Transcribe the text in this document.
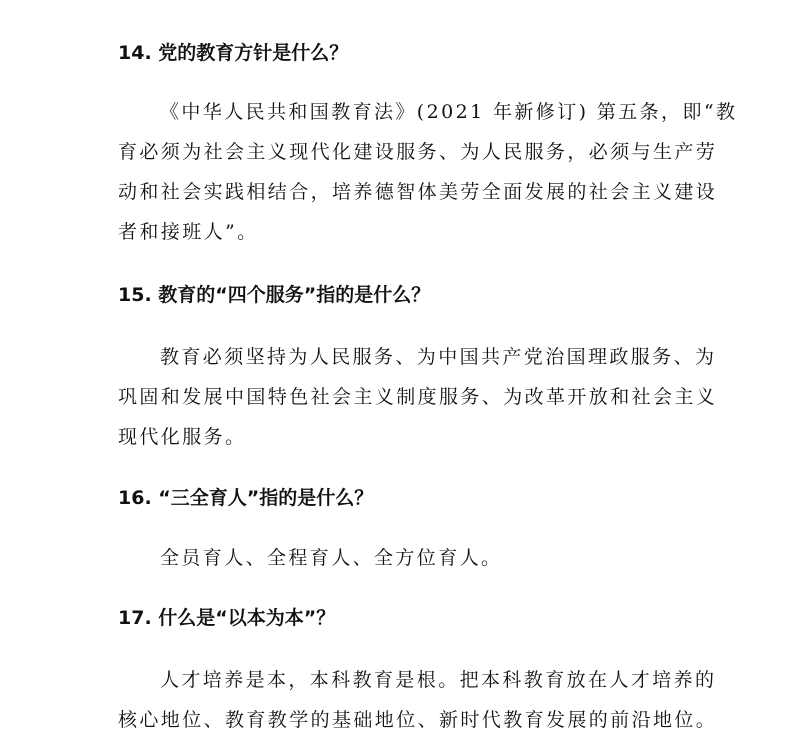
14. 党的教育方针是什么？
《中华人民共和国教育法》(2021 年新修订) 第五条，即“教
育必须为社会主义现代化建设服务、为人民服务，必须与生产劳
动和社会实践相结合，培养德智体美劳全面发展的社会主义建设
者和接班人”。
15. 教育的“四个服务”指的是什么？
教育必须坚持为人民服务、为中国共产党治国理政服务、为
巩固和发展中国特色社会主义制度服务、为改革开放和社会主义
现代化服务。
16. “三全育人”指的是什么？
全员育人、全程育人、全方位育人。
17. 什么是“以本为本”？
人才培养是本，本科教育是根。把本科教育放在人才培养的
核心地位、教育教学的基础地位、新时代教育发展的前沿地位。
